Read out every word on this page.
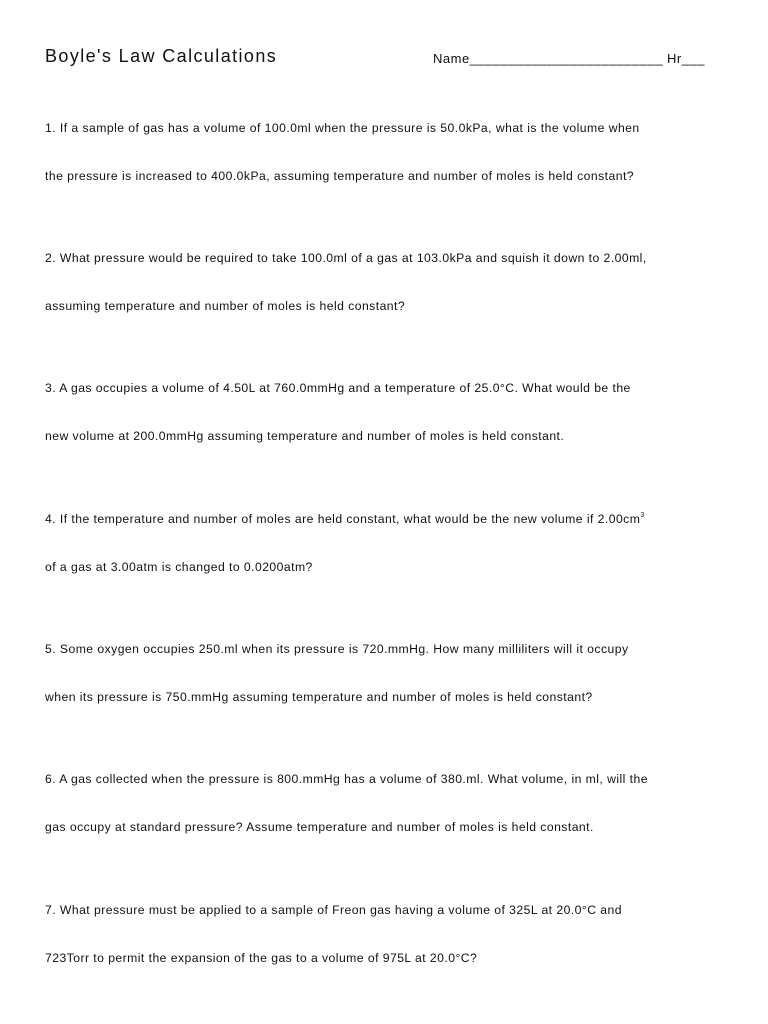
Boyle's Law Calculations	Name_________________________ Hr___

1. If a sample of gas has a volume of 100.0ml when the pressure is 50.0kPa, what is the volume when

the pressure is increased to 400.0kPa, assuming temperature and number of moles is held constant?

2. What pressure would be required to take 100.0ml of a gas at 103.0kPa and squish it down to 2.00ml,

assuming temperature and number of moles is held constant?

3. A gas occupies a volume of 4.50L at 760.0mmHg and a temperature of 25.0°C. What would be the

new volume at 200.0mmHg assuming temperature and number of moles is held constant.

4. If the temperature and number of moles are held constant, what would be the new volume if $2.00cm^3$

of a gas at 3.00atm is changed to 0.0200atm?

5. Some oxygen occupies 250.ml when its pressure is 720.mmHg. How many milliliters will it occupy

when its pressure is 750.mmHg assuming temperature and number of moles is held constant?

6. A gas collected when the pressure is 800.mmHg has a volume of 380.ml. What volume, in ml, will the

gas occupy at standard pressure? Assume temperature and number of moles is held constant.

7. What pressure must be applied to a sample of Freon gas having a volume of 325L at 20.0°C and

723Torr to permit the expansion of the gas to a volume of 975L at 20.0°C?
